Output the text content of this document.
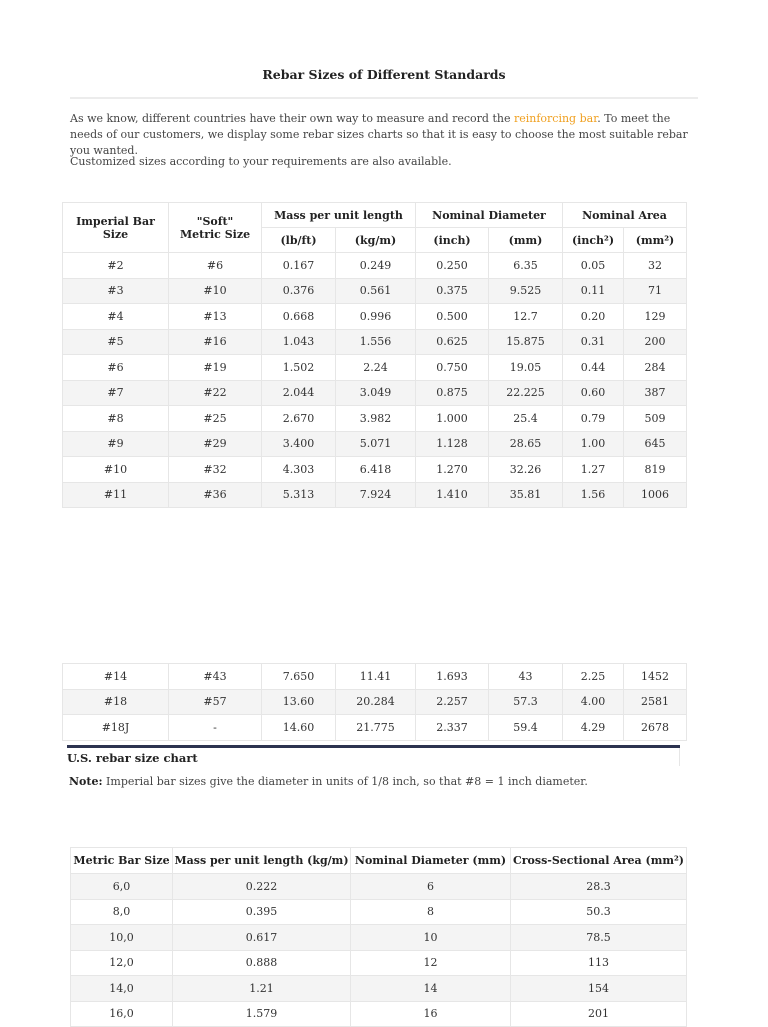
Rebar Sizes of Different Standards

As we know, different countries have their own way to measure and record the reinforcing bar. To meet the needs of our customers, we display some rebar sizes charts so that it is easy to choose the most suitable rebar you wanted.

Customized sizes according to your requirements are also available.

Imperial Bar Size	"Soft" Metric Size	Mass per unit length		Nominal Diameter		Nominal Area	
		(lb/ft)	(kg/m)	(inch)	(mm)	(inch²)	(mm²)
#2	#6	0.167	0.249	0.250	6.35	0.05	32
#3	#10	0.376	0.561	0.375	9.525	0.11	71
#4	#13	0.668	0.996	0.500	12.7	0.20	129
#5	#16	1.043	1.556	0.625	15.875	0.31	200
#6	#19	1.502	2.24	0.750	19.05	0.44	284
#7	#22	2.044	3.049	0.875	22.225	0.60	387
#8	#25	2.670	3.982	1.000	25.4	0.79	509
#9	#29	3.400	5.071	1.128	28.65	1.00	645
#10	#32	4.303	6.418	1.270	32.26	1.27	819
#11	#36	5.313	7.924	1.410	35.81	1.56	1006
#14	#43	7.650	11.41	1.693	43	2.25	1452
#18	#57	13.60	20.284	2.257	57.3	4.00	2581
#18J	-	14.60	21.775	2.337	59.4	4.29	2678
U.S. rebar size chart
Note: Imperial bar sizes give the diameter in units of 1/8 inch, so that #8 = 1 inch diameter.
Metric Bar Size	Mass per unit length (kg/m)	Nominal Diameter (mm)	Cross-Sectional Area (mm²)
6,0	0.222	6	28.3
8,0	0.395	8	50.3
10,0	0.617	10	78.5
12,0	0.888	12	113
14,0	1.21	14	154
16,0	1.579	16	201
